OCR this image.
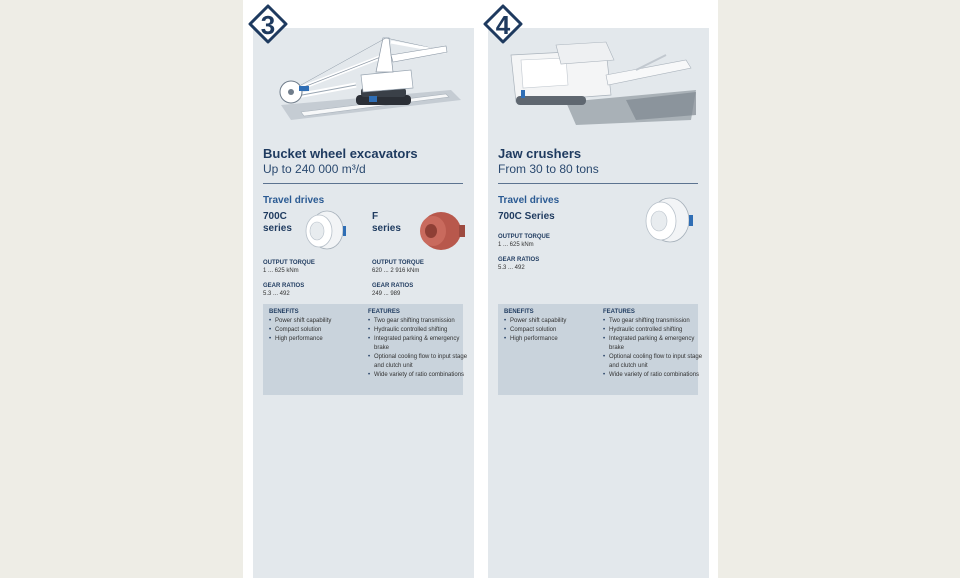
Bucket wheel excavators
Up to 240 000 m³/d
Travel drives
700C
series
OUTPUT TORQUE
1 ... 625 kNm
GEAR RATIOS
5.3 ... 492
F
series
OUTPUT TORQUE
620 ... 2 916 kNm
GEAR RATIOS
249 ... 989
BENEFITS
• Power shift capability
• Compact solution
• High performance
FEATURES
• Two gear shifting transmission
• Hydraulic controlled shifting
• Integrated parking & emergency brake
• Optional cooling flow to input stage and clutch unit
• Wide variety of ratio combinations
3
Jaw crushers
From 30 to 80 tons
Travel drives
700C Series
OUTPUT TORQUE
1 ... 625 kNm
GEAR RATIOS
5.3 ... 492
BENEFITS
• Power shift capability
• Compact solution
• High performance
FEATURES
• Two gear shifting transmission
• Hydraulic controlled shifting
• Integrated parking & emergency brake
• Optional cooling flow to input stage and clutch unit
• Wide variety of ratio combinations
4
